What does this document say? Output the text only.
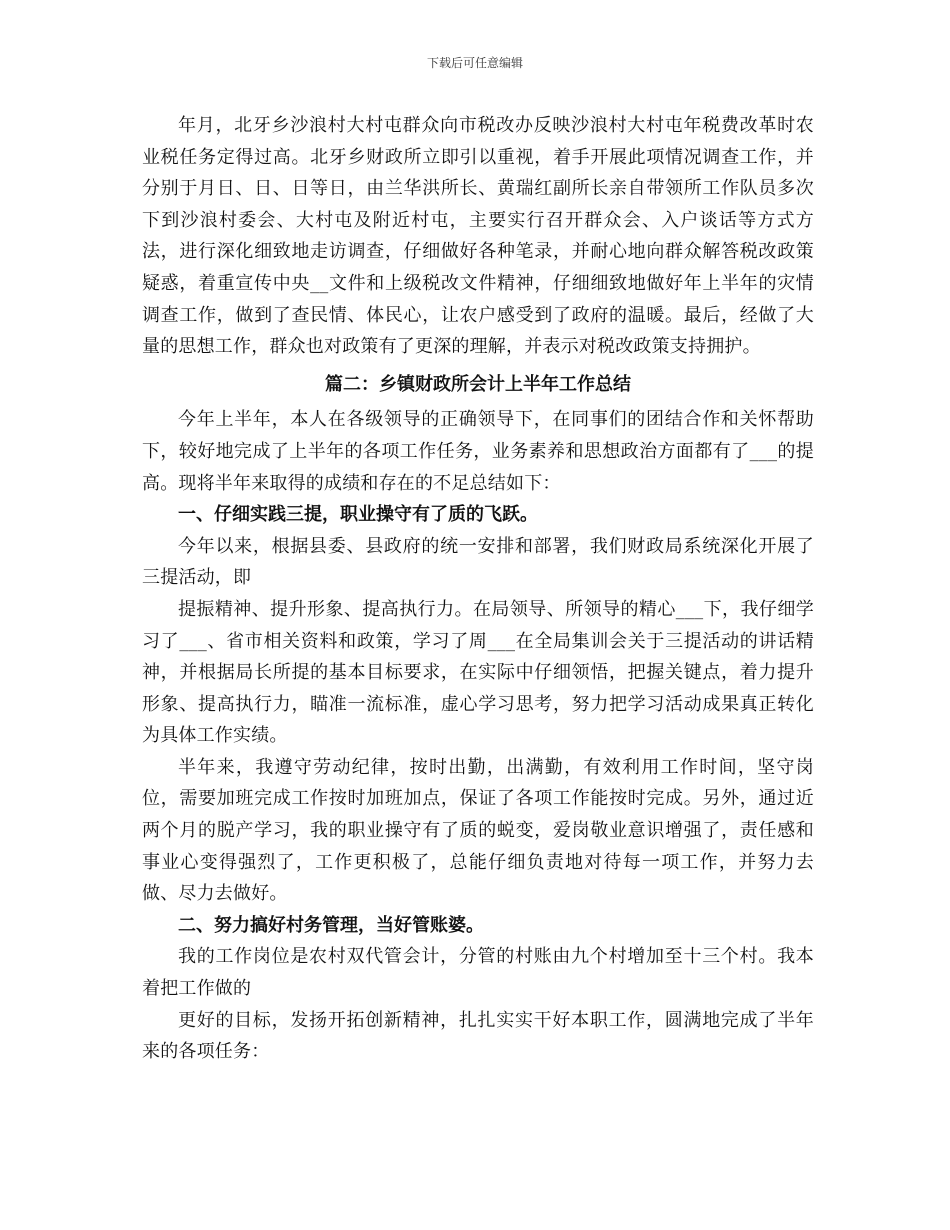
下载后可任意编辑

年月，北牙乡沙浪村大村屯群众向市税改办反映沙浪村大村屯年税费改革时农业税任务定得过高。北牙乡财政所立即引以重视，着手开展此项情况调查工作，并分别于月日、日、日等日，由兰华洪所长、黄瑞红副所长亲自带领所工作队员多次下到沙浪村委会、大村屯及附近村屯，主要实行召开群众会、入户谈话等方式方法，进行深化细致地走访调查，仔细做好各种笔录，并耐心地向群众解答税改政策疑惑，着重宣传中央__文件和上级税改文件精神，仔细细致地做好年上半年的灾情调查工作，做到了查民情、体民心，让农户感受到了政府的温暖。最后，经做了大量的思想工作，群众也对政策有了更深的理解，并表示对税改政策支持拥护。

篇二：乡镇财政所会计上半年工作总结

今年上半年，本人在各级领导的正确领导下，在同事们的团结合作和关怀帮助下，较好地完成了上半年的各项工作任务，业务素养和思想政治方面都有了___的提高。现将半年来取得的成绩和存在的不足总结如下：

一、仔细实践三提，职业操守有了质的飞跃。

今年以来，根据县委、县政府的统一安排和部署，我们财政局系统深化开展了三提活动，即

提振精神、提升形象、提高执行力。在局领导、所领导的精心___下，我仔细学习了___、省市相关资料和政策，学习了周___在全局集训会关于三提活动的讲话精神，并根据局长所提的基本目标要求，在实际中仔细领悟，把握关键点，着力提升形象、提高执行力，瞄准一流标准，虚心学习思考，努力把学习活动成果真正转化为具体工作实绩。

半年来，我遵守劳动纪律，按时出勤，出满勤，有效利用工作时间，坚守岗位，需要加班完成工作按时加班加点，保证了各项工作能按时完成。另外，通过近两个月的脱产学习，我的职业操守有了质的蜕变，爱岗敬业意识增强了，责任感和事业心变得强烈了，工作更积极了，总能仔细负责地对待每一项工作，并努力去做、尽力去做好。

二、努力搞好村务管理，当好管账婆。

我的工作岗位是农村双代管会计，分管的村账由九个村增加至十三个村。我本着把工作做的

更好的目标，发扬开拓创新精神，扎扎实实干好本职工作，圆满地完成了半年来的各项任务：
